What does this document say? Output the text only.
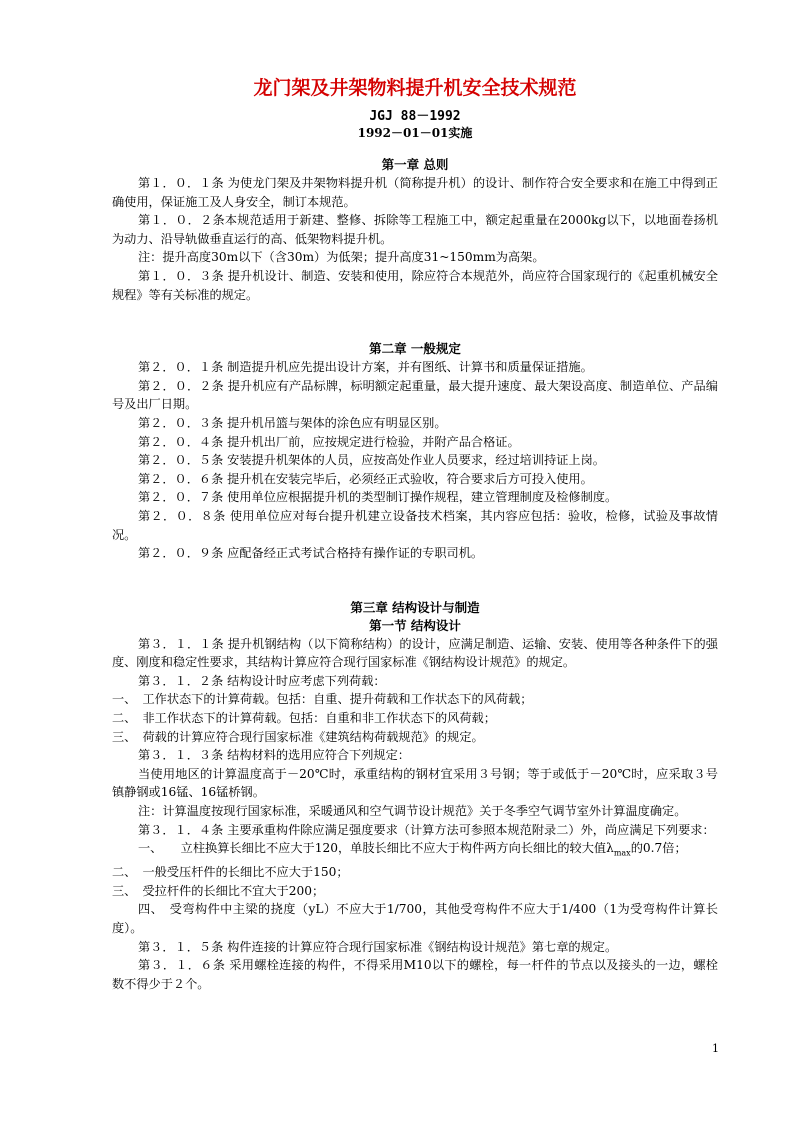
龙门架及井架物料提升机安全技术规范
JGJ 88－1992
1992－01－01实施
第一章 总则

第１．０．１条 为使龙门架及井架物料提升机（简称提升机）的设计、制作符合安全要求和在施工中得到正确使用，保证施工及人身安全，制订本规范。

第１．０．２条本规范适用于新建、整修、拆除等工程施工中，额定起重量在2000kg以下，以地面卷扬机为动力、沿导轨做垂直运行的高、低架物料提升机。

注：提升高度30m以下（含30m）为低架；提升高度31~150mm为高架。

第１．０．３条 提升机设计、制造、安装和使用，除应符合本规范外，尚应符合国家现行的《起重机械安全规程》等有关标准的规定。

第二章 一般规定

第２．０．１条 制造提升机应先提出设计方案，并有图纸、计算书和质量保证措施。

第２．０．２条 提升机应有产品标牌，标明额定起重量，最大提升速度、最大架设高度、制造单位、产品编号及出厂日期。

第２．０．３条 提升机吊篮与架体的涂色应有明显区别。

第２．０．４条 提升机出厂前，应按规定进行检验，并附产品合格证。

第２．０．５条 安装提升机架体的人员，应按高处作业人员要求，经过培训持证上岗。

第２．０．６条 提升机在安装完毕后，必须经正式验收，符合要求后方可投入使用。

第２．０．７条 使用单位应根据提升机的类型制订操作规程，建立管理制度及检修制度。

第２．０．８条 使用单位应对每台提升机建立设备技术档案，其内容应包括：验收，检修，试验及事故情况。

第２．０．９条 应配备经正式考试合格持有操作证的专职司机。

第三章 结构设计与制造
第一节 结构设计

第３．１．１条 提升机钢结构（以下简称结构）的设计，应满足制造、运输、安装、使用等各种条件下的强度、刚度和稳定性要求，其结构计算应符合现行国家标准《钢结构设计规范》的规定。

第３．１．２条 结构设计时应考虑下列荷载：

一、　工作状态下的计算荷载。包括：自重、提升荷载和工作状态下的风荷载；

二、　非工作状态下的计算荷载。包括：自重和非工作状态下的风荷载；

三、　荷载的计算应符合现行国家标准《建筑结构荷载规范》的规定。

第３．１．３条 结构材料的选用应符合下列规定：

当使用地区的计算温度高于－20℃时，承重结构的钢材宜采用３号钢；等于或低于－20℃时，应采取３号镇静钢或16锰、16锰桥钢。

注：计算温度按现行国家标准，采暖通风和空气调节设计规范》关于冬季空气调节室外计算温度确定。

第３．１．４条 主要承重构件除应满足强度要求（计算方法可参照本规范附录二）外，尚应满足下列要求：

一、　　立柱换算长细比不应大于120，单肢长细比不应大于构件两方向长细比的较大值$\lambda_{max}$的0.7倍；

二、　一般受压杆件的长细比不应大于150；

三、　受拉杆件的长细比不宜大于200；

四、　受弯构件中主梁的挠度（yL）不应大于1/700，其他受弯构件不应大于1/400（1为受弯构件计算长度）。

第３．１．５条 构件连接的计算应符合现行国家标准《钢结构设计规范》第七章的规定。

第３．１．６条 采用螺栓连接的构件，不得采用M10以下的螺栓，每一杆件的节点以及接头的一边，螺栓数不得少于２个。

1
